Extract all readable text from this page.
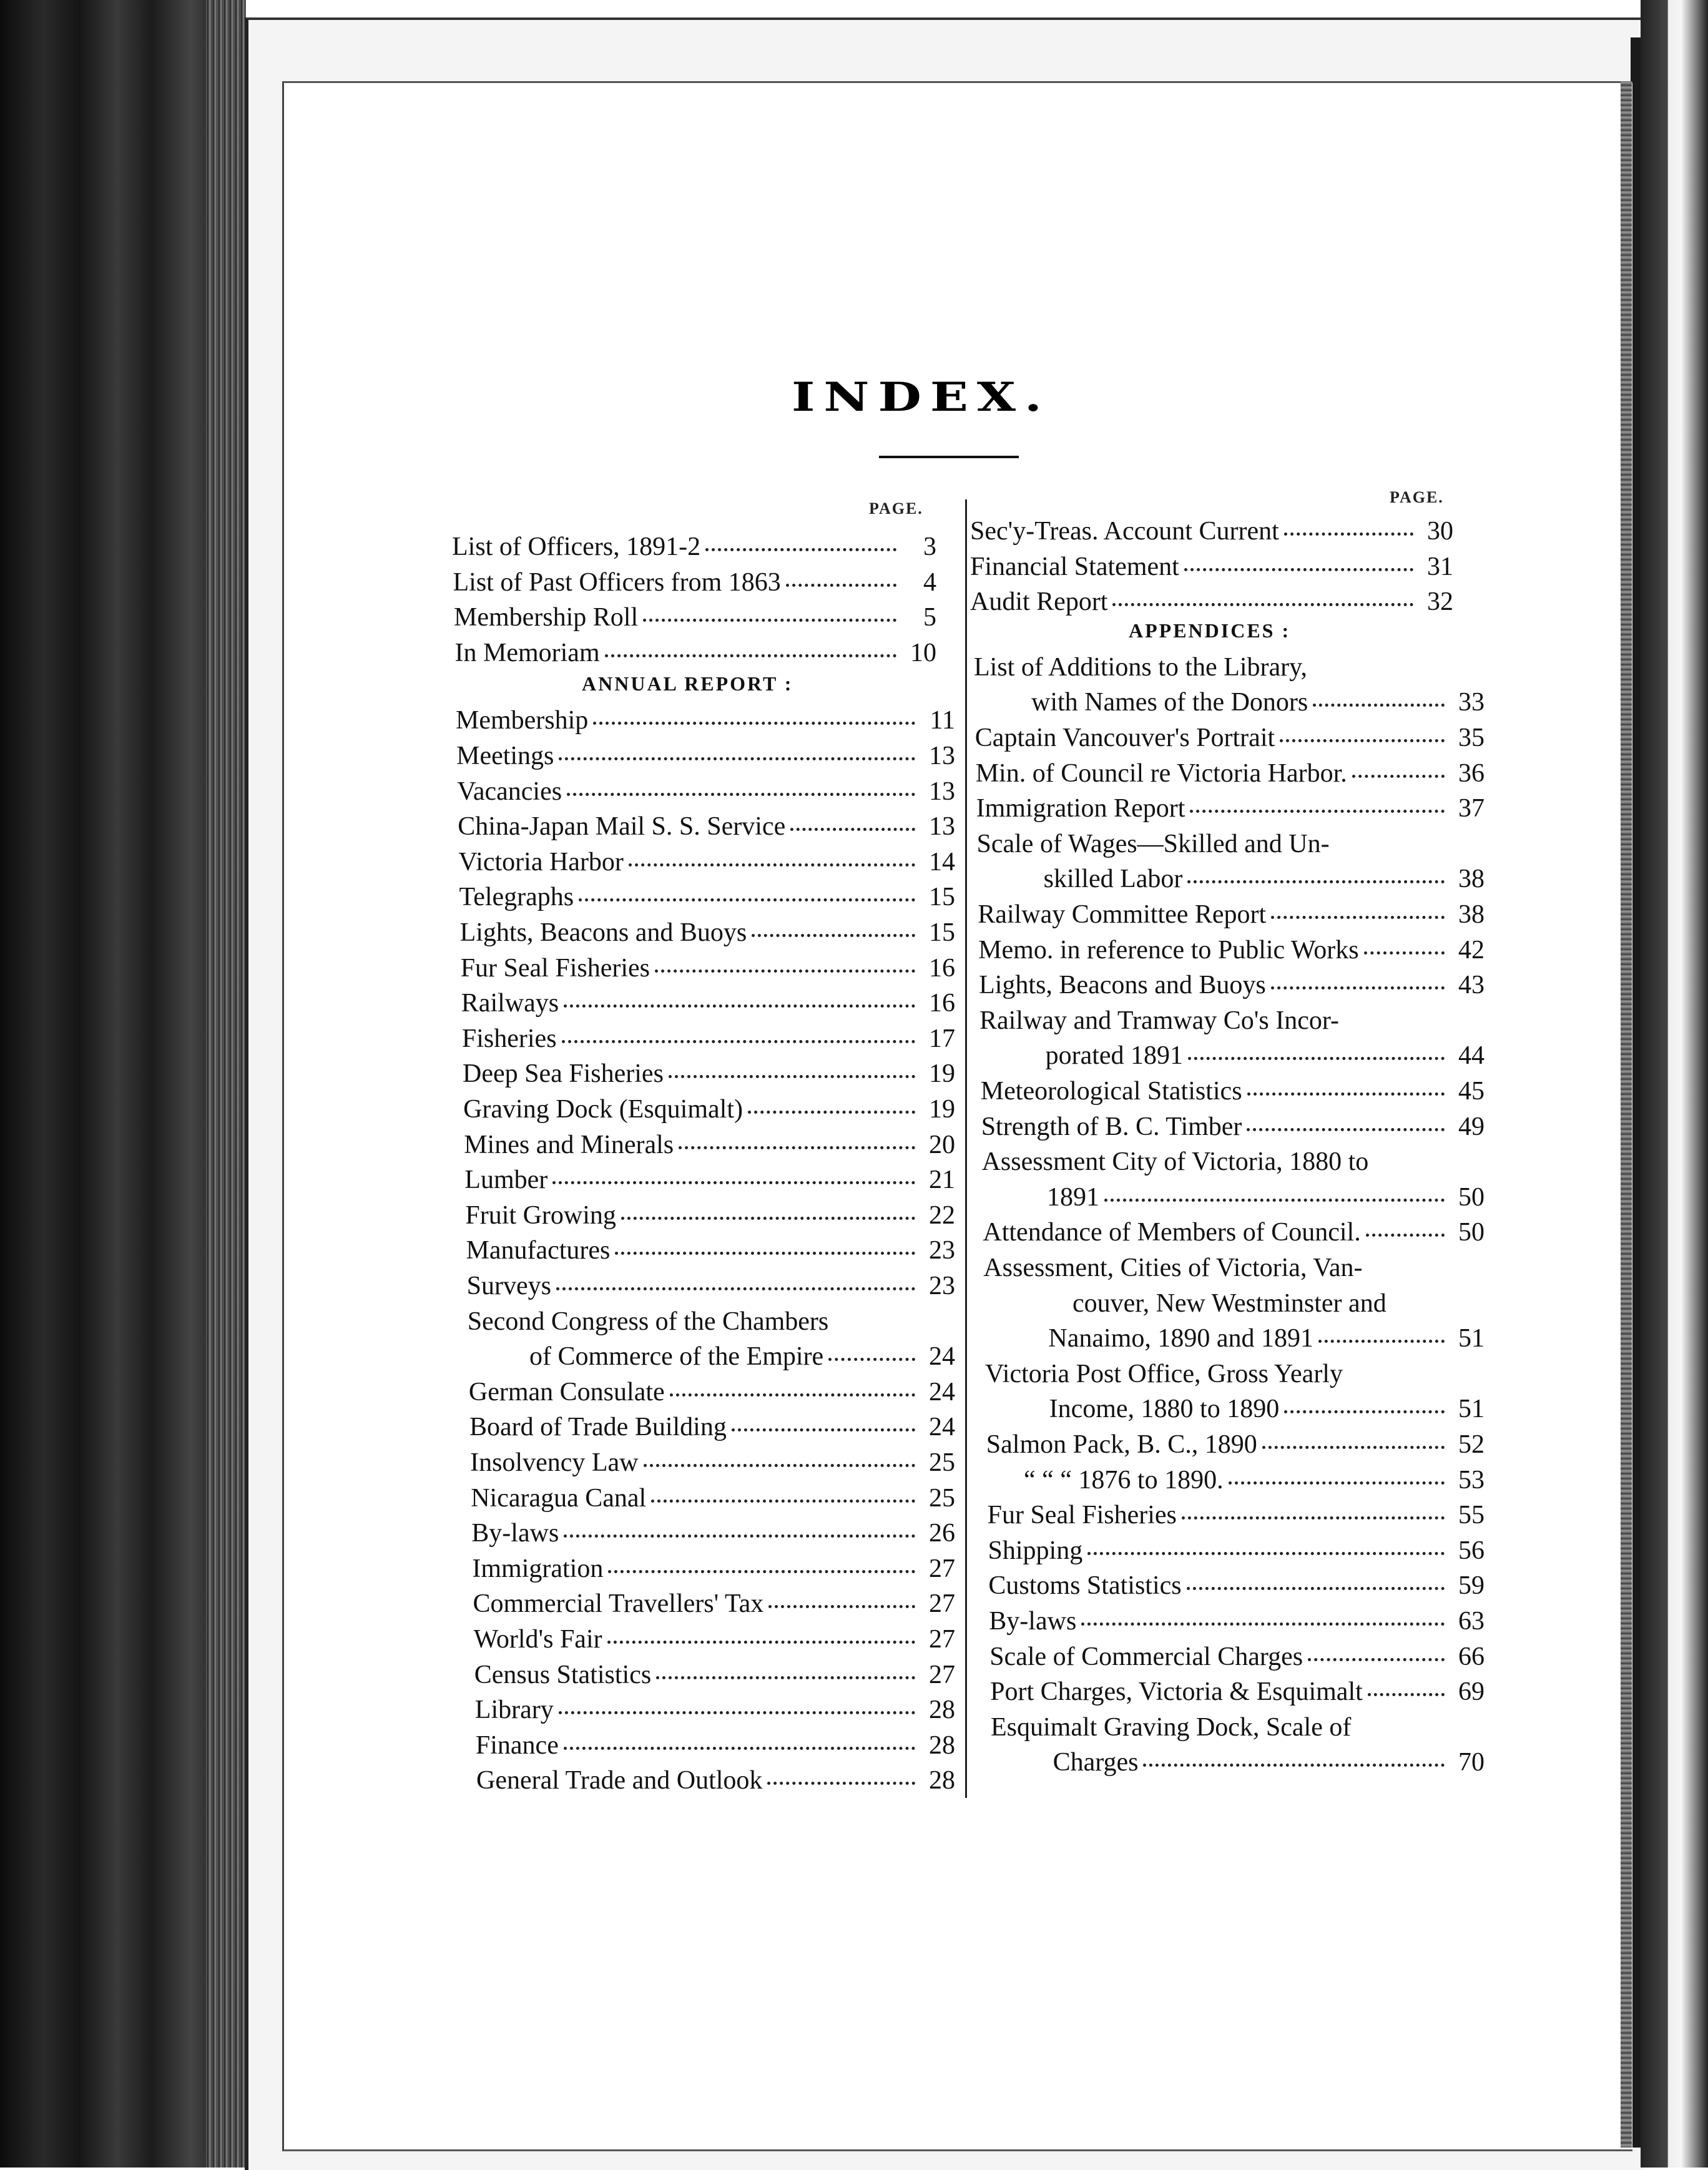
INDEX.
PAGE.
PAGE.
List of Officers, 1891-2	3
List of Past Officers from 1863	4
Membership Roll	5
In Memoriam	10
ANNUAL REPORT :
Membership	11
Meetings	13
Vacancies	13
China-Japan Mail S. S. Service	13
Victoria Harbor	14
Telegraphs	15
Lights, Beacons and Buoys	15
Fur Seal Fisheries	16
Railways	16
Fisheries	17
Deep Sea Fisheries	19
Graving Dock (Esquimalt)	19
Mines and Minerals	20
Lumber	21
Fruit Growing	22
Manufactures	23
Surveys	23
Second Congress of the Chambers
of Commerce of the Empire	24
German Consulate	24
Board of Trade Building	24
Insolvency Law	25
Nicaragua Canal	25
By-laws	26
Immigration	27
Commercial Travellers' Tax	27
World's Fair	27
Census Statistics	27
Library	28
Finance	28
General Trade and Outlook	28
Sec'y-Treas. Account Current	30
Financial Statement	31
Audit Report	32
APPENDICES :
List of Additions to the Library,
with Names of the Donors	33
Captain Vancouver's Portrait	35
Min. of Council re Victoria Harbor.	36
Immigration Report	37
Scale of Wages—Skilled and Un-
skilled Labor	38
Railway Committee Report	38
Memo. in reference to Public Works	42
Lights, Beacons and Buoys	43
Railway and Tramway Co's Incor-
porated 1891	44
Meteorological Statistics	45
Strength of B. C. Timber	49
Assessment City of Victoria, 1880 to
1891	50
Attendance of Members of Council.	50
Assessment, Cities of Victoria, Van-
couver, New Westminster and
Nanaimo, 1890 and 1891	51
Victoria Post Office, Gross Yearly
Income, 1880 to 1890	51
Salmon Pack, B. C., 1890	52
“ “ “ 1876 to 1890.	53
Fur Seal Fisheries	55
Shipping	56
Customs Statistics	59
By-laws	63
Scale of Commercial Charges	66
Port Charges, Victoria & Esquimalt	69
Esquimalt Graving Dock, Scale of
Charges	70
